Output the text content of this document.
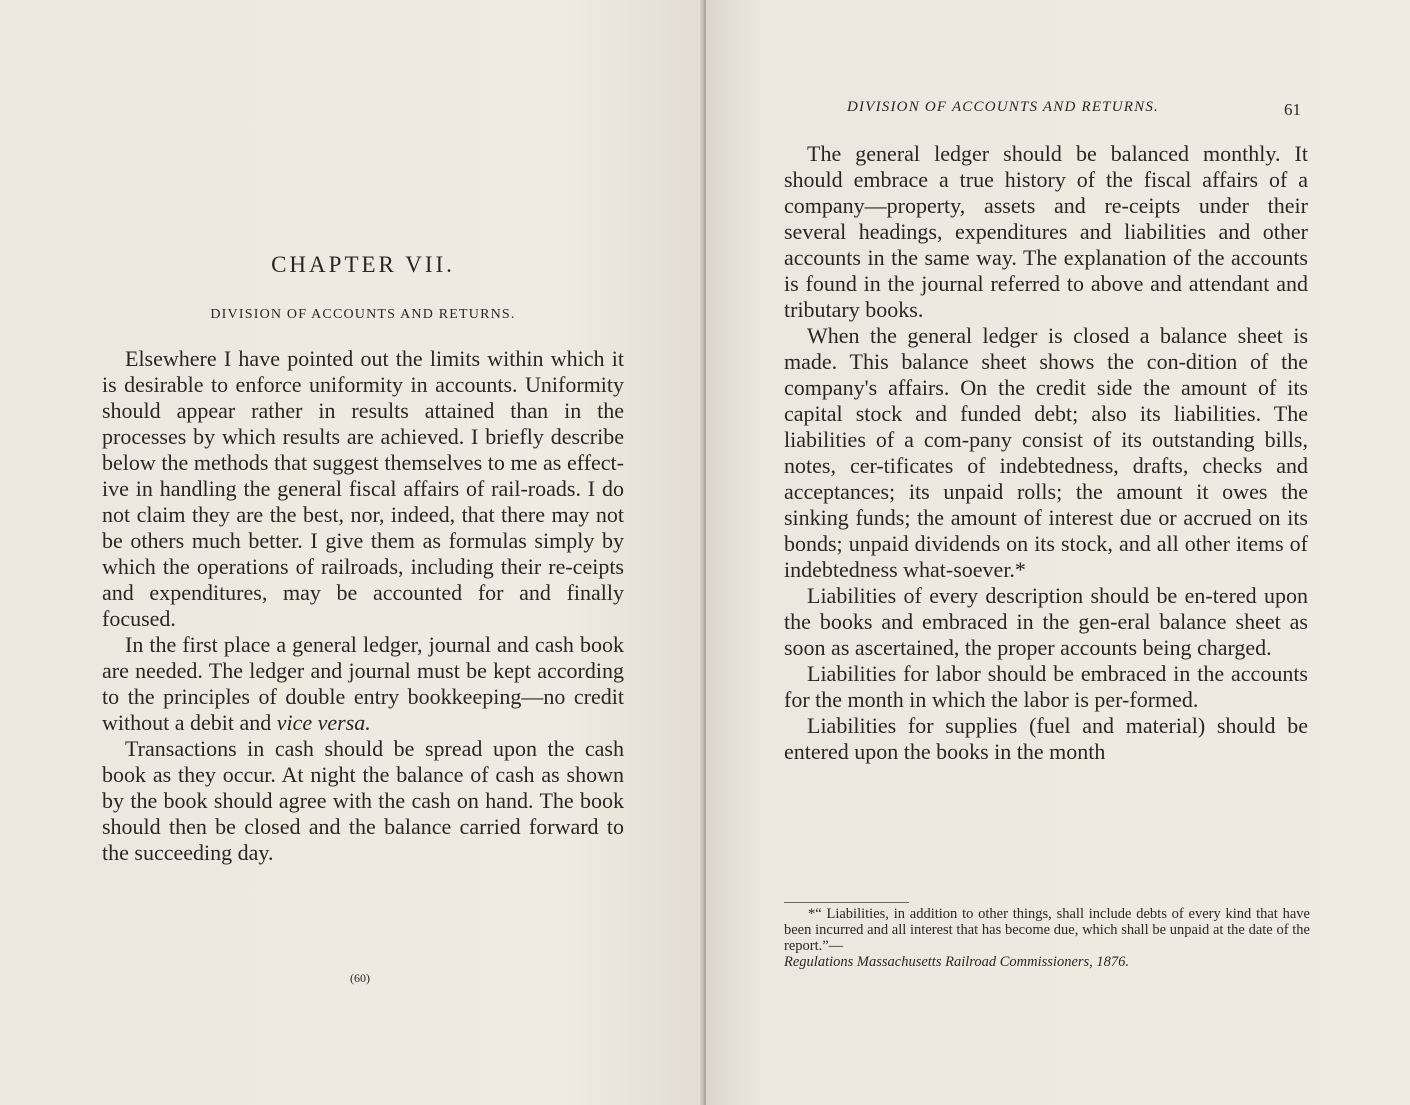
CHAPTER VII.
DIVISION OF ACCOUNTS AND RETURNS.

Elsewhere I have pointed out the limits within which it is desirable to enforce uniformity in accounts. Uniformity should appear rather in results attained than in the processes by which results are achieved. I briefly describe below the methods that suggest themselves to me as effect-ive in handling the general fiscal affairs of rail-roads. I do not claim they are the best, nor, indeed, that there may not be others much better. I give them as formulas simply by which the operations of railroads, including their re-ceipts and expenditures, may be accounted for and finally focused.

In the first place a general ledger, journal and cash book are needed. The ledger and journal must be kept according to the principles of double entry bookkeeping—no credit without a debit and vice versa.

Transactions in cash should be spread upon the cash book as they occur. At night the balance of cash as shown by the book should agree with the cash on hand. The book should then be closed and the balance carried forward to the succeeding day.

(60)
DIVISION OF ACCOUNTS AND RETURNS.	61

The general ledger should be balanced monthly. It should embrace a true history of the fiscal affairs of a company—property, assets and re-ceipts under their several headings, expenditures and liabilities and other accounts in the same way. The explanation of the accounts is found in the journal referred to above and attendant and tributary books.

When the general ledger is closed a balance sheet is made. This balance sheet shows the con-dition of the company's affairs. On the credit side the amount of its capital stock and funded debt; also its liabilities. The liabilities of a com-pany consist of its outstanding bills, notes, cer-tificates of indebtedness, drafts, checks and acceptances; its unpaid rolls; the amount it owes the sinking funds; the amount of interest due or accrued on its bonds; unpaid dividends on its stock, and all other items of indebtedness what-soever.*

Liabilities of every description should be en-tered upon the books and embraced in the gen-eral balance sheet as soon as ascertained, the proper accounts being charged.

Liabilities for labor should be embraced in the accounts for the month in which the labor is per-formed.

Liabilities for supplies (fuel and material) should be entered upon the books in the month

*“ Liabilities, in addition to other things, shall include debts of every kind that have been incurred and all interest that has become due, which shall be unpaid at the date of the report.”—
Regulations Massachusetts Railroad Commissioners, 1876.
